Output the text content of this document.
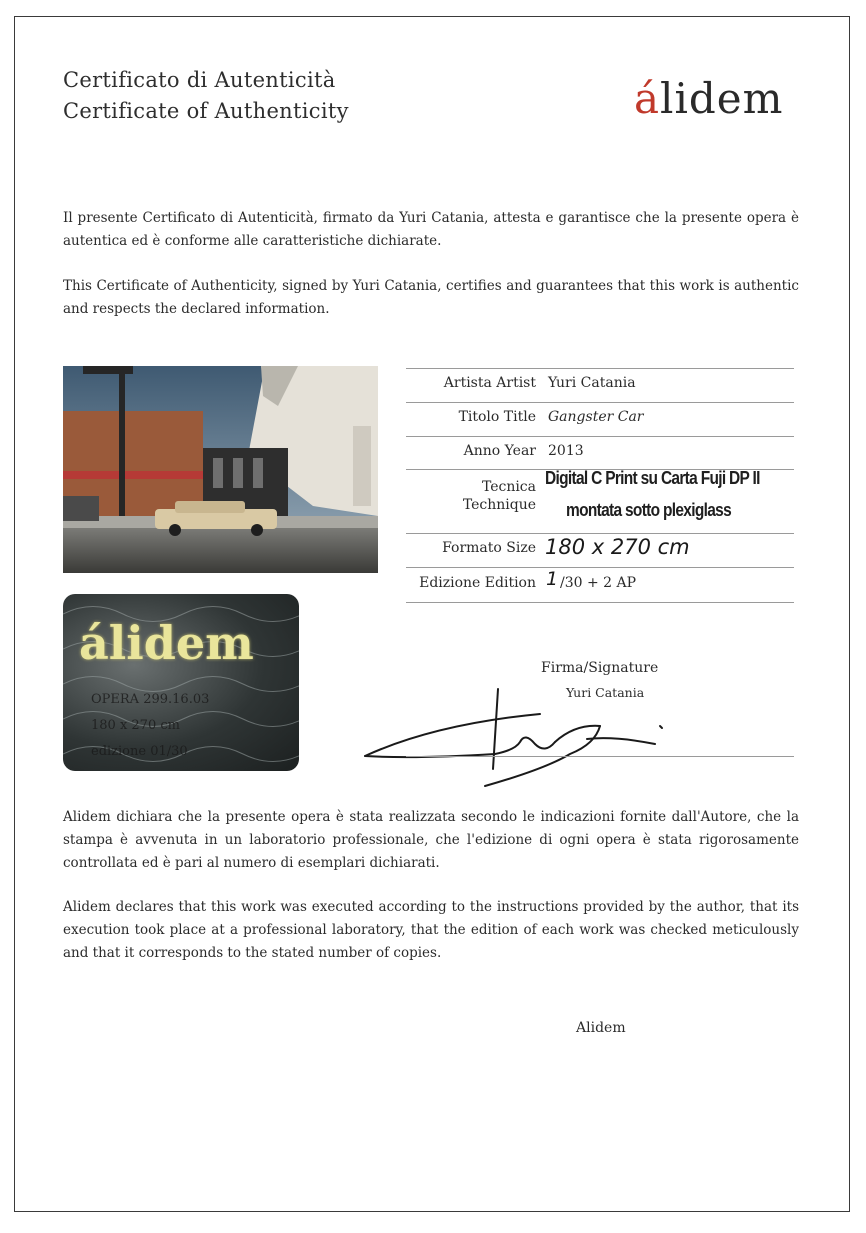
Certificato di Autenticità
Certificate of Authenticity	álidem
Il presente Certificato di Autenticità, firmato da Yuri Catania, attesta e garantisce che la presente opera è autentica ed è conforme alle caratteristiche dichiarate.
This Certificate of Authenticity, signed by Yuri Catania, certifies and guarantees that this work is authentic and respects the declared information.
álidem
OPERA 299.16.03
180 x 270 cm
edizione 01/30
Artista Artist Yuri Catania
Titolo Title Gangster Car
Anno Year 2013
Tecnica
Technique
Digital C Print su Carta Fuji DP II
montata sotto plexiglass
Formato Size 180 x 270 cm
Edizione Edition 1 /30 + 2 AP
Firma/Signature
Yuri Catania
Alidem dichiara che la presente opera è stata realizzata secondo le indicazioni fornite dall'Autore, che la stampa è avvenuta in un laboratorio professionale, che l'edizione di ogni opera è stata rigorosamente controllata ed è pari al numero di esemplari dichiarati.
Alidem declares that this work was executed according to the instructions provided by the author, that its execution took place at a professional laboratory, that the edition of each work was checked meticulously and that it corresponds to the stated number of copies.
Alidem
